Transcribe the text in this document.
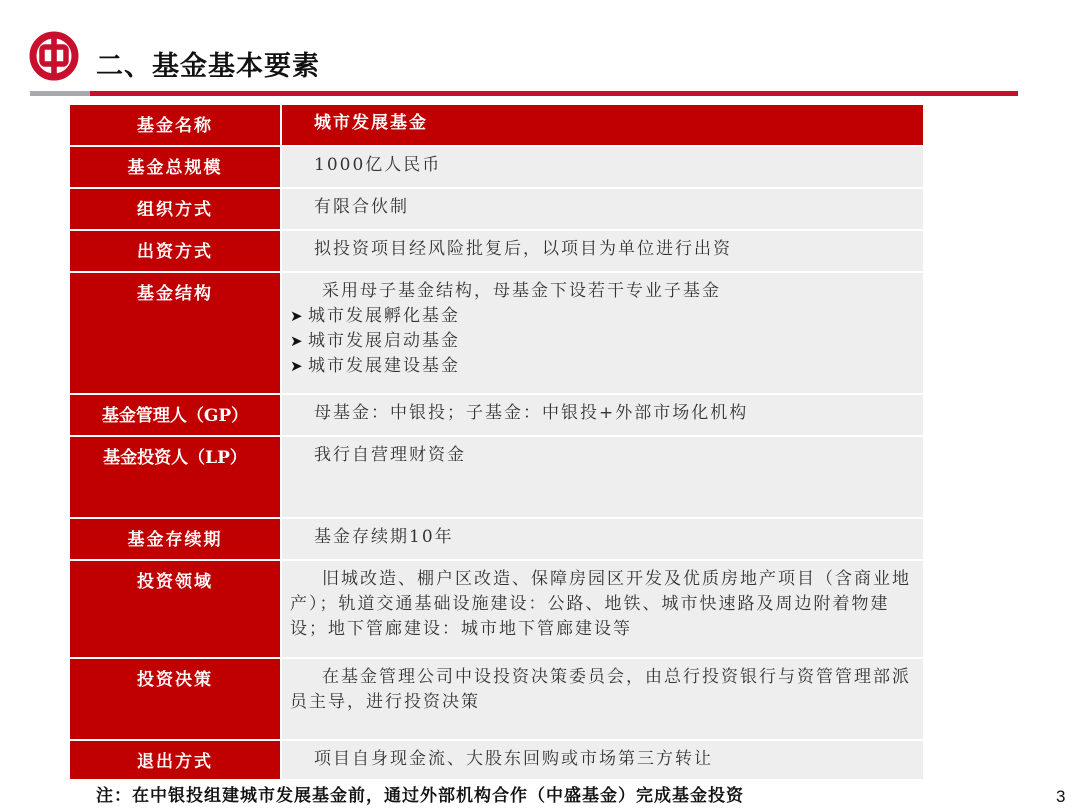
二、基金基本要素
基金名称	城市发展基金
基金总规模	1000亿人民币
组织方式	有限合伙制
出资方式	拟投资项目经风险批复后，以项目为单位进行出资
基金结构	采用母子基金结构，母基金下设若干专业子基金
➤ 城市发展孵化基金
➤ 城市发展启动基金
➤ 城市发展建设基金
基金管理人（GP）	母基金：中银投；子基金：中银投+外部市场化机构
基金投资人（LP）	我行自营理财资金
基金存续期	基金存续期10年
投资领域	旧城改造、棚户区改造、保障房园区开发及优质房地产项目（含商业地产）；轨道交通基础设施建设：公路、地铁、城市快速路及周边附着物建设；地下管廊建设：城市地下管廊建设等
投资决策	在基金管理公司中设投资决策委员会，由总行投资银行与资管管理部派员主导，进行投资决策
退出方式	项目自身现金流、大股东回购或市场第三方转让
注：在中银投组建城市发展基金前，通过外部机构合作（中盛基金）完成基金投资	3
